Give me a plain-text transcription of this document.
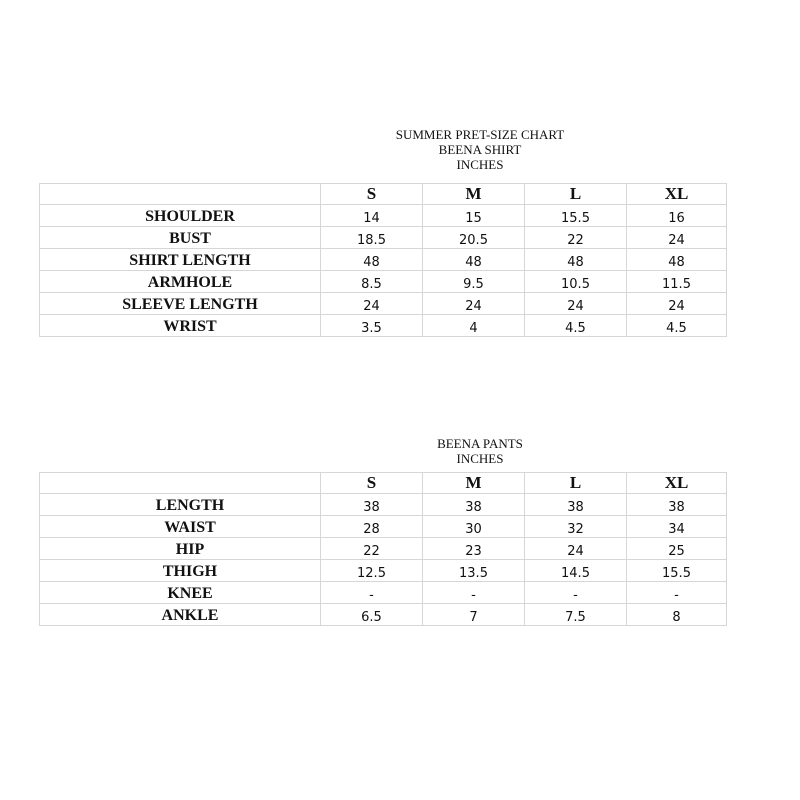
SUMMER PRET-SIZE CHART
BEENA SHIRT
INCHES
	S	M	L	XL
SHOULDER	14	15	15.5	16
BUST	18.5	20.5	22	24
SHIRT LENGTH	48	48	48	48
ARMHOLE	8.5	9.5	10.5	11.5
SLEEVE LENGTH	24	24	24	24
WRIST	3.5	4	4.5	4.5
BEENA PANTS
INCHES
	S	M	L	XL
LENGTH	38	38	38	38
WAIST	28	30	32	34
HIP	22	23	24	25
THIGH	12.5	13.5	14.5	15.5
KNEE	-	-	-	-
ANKLE	6.5	7	7.5	8
